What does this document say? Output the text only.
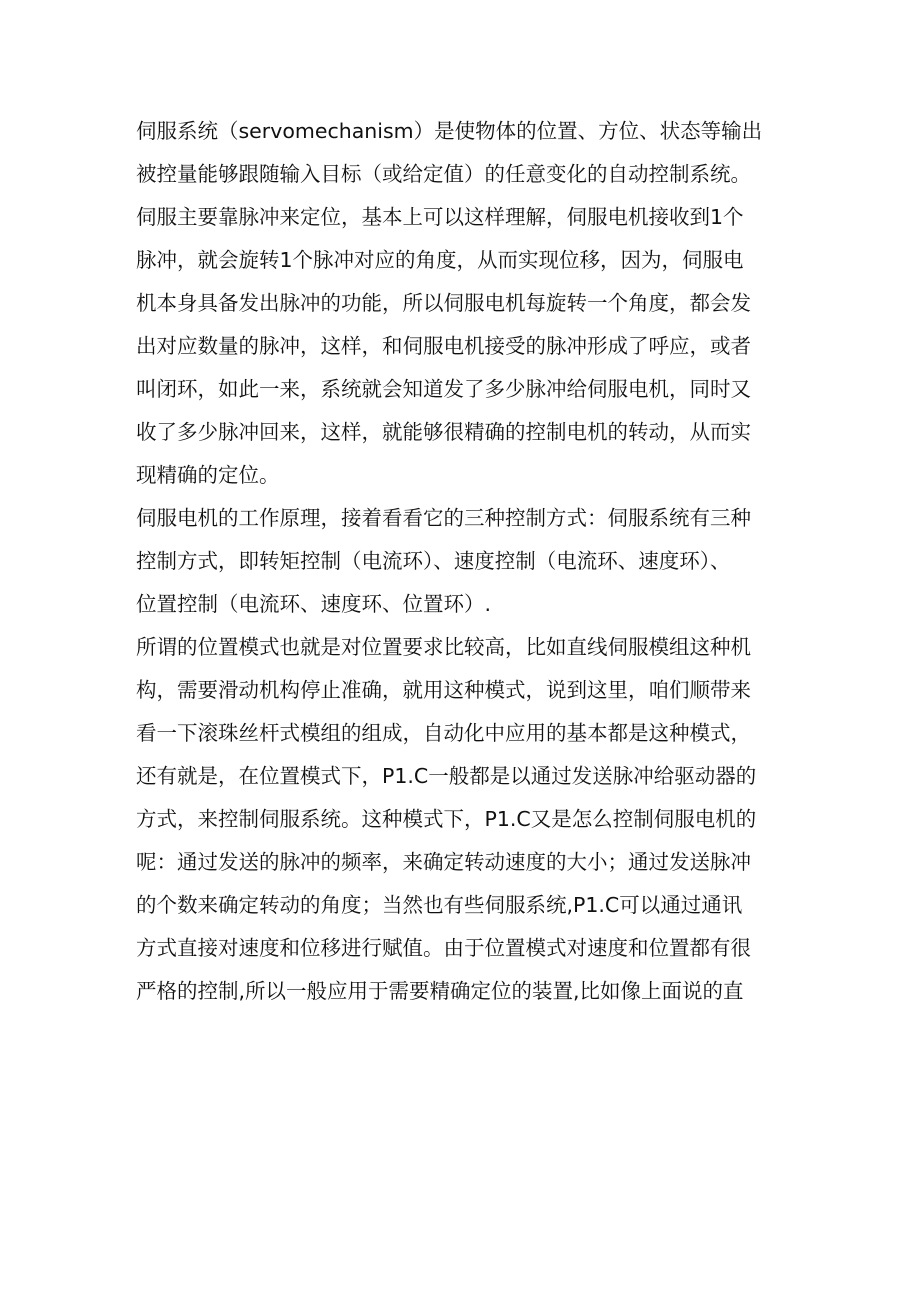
伺服系统（servomechanism）是使物体的位置、方位、状态等输出
被控量能够跟随输入目标（或给定值）的任意变化的自动控制系统。
伺服主要靠脉冲来定位，基本上可以这样理解，伺服电机接收到1个
脉冲，就会旋转1个脉冲对应的角度，从而实现位移，因为，伺服电
机本身具备发出脉冲的功能，所以伺服电机每旋转一个角度，都会发
出对应数量的脉冲，这样，和伺服电机接受的脉冲形成了呼应，或者
叫闭环，如此一来，系统就会知道发了多少脉冲给伺服电机，同时又
收了多少脉冲回来，这样，就能够很精确的控制电机的转动，从而实
现精确的定位。
伺服电机的工作原理，接着看看它的三种控制方式：伺服系统有三种
控制方式，即转矩控制（电流环）、速度控制（电流环、速度环）、
位置控制（电流环、速度环、位置环）.
所谓的位置模式也就是对位置要求比较高，比如直线伺服模组这种机
构，需要滑动机构停止准确，就用这种模式，说到这里，咱们顺带来
看一下滚珠丝杆式模组的组成，自动化中应用的基本都是这种模式，
还有就是，在位置模式下，P1.C一般都是以通过发送脉冲给驱动器的
方式，来控制伺服系统。这种模式下，P1.C又是怎么控制伺服电机的
呢：通过发送的脉冲的频率，来确定转动速度的大小；通过发送脉冲
的个数来确定转动的角度；当然也有些伺服系统,P1.C可以通过通讯
方式直接对速度和位移进行赋值。由于位置模式对速度和位置都有很
严格的控制,所以一般应用于需要精确定位的装置,比如像上面说的直
